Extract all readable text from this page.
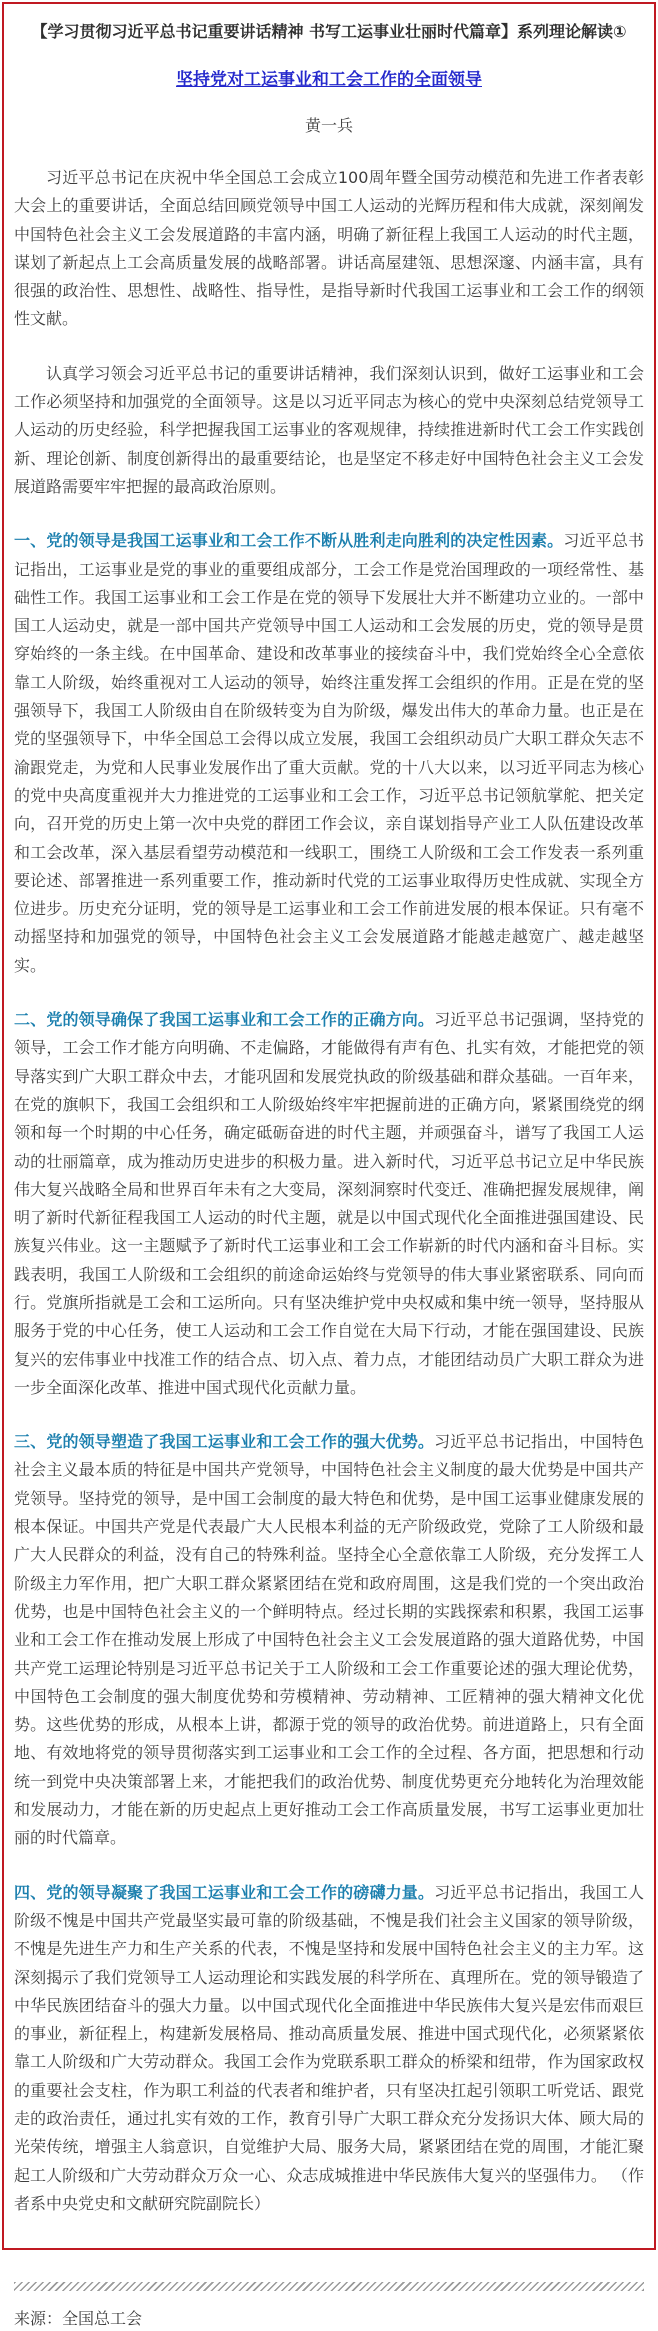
【学习贯彻习近平总书记重要讲话精神 书写工运事业壮丽时代篇章】系列理论解读①
坚持党对工运事业和工会工作的全面领导
黄一兵

习近平总书记在庆祝中华全国总工会成立100周年暨全国劳动模范和先进工作者表彰大会上的重要讲话，全面总结回顾党领导中国工人运动的光辉历程和伟大成就，深刻阐发中国特色社会主义工会发展道路的丰富内涵，明确了新征程上我国工人运动的时代主题，谋划了新起点上工会高质量发展的战略部署。讲话高屋建瓴、思想深邃、内涵丰富，具有很强的政治性、思想性、战略性、指导性，是指导新时代我国工运事业和工会工作的纲领性文献。

认真学习领会习近平总书记的重要讲话精神，我们深刻认识到，做好工运事业和工会工作必须坚持和加强党的全面领导。这是以习近平同志为核心的党中央深刻总结党领导工人运动的历史经验，科学把握我国工运事业的客观规律，持续推进新时代工会工作实践创新、理论创新、制度创新得出的最重要结论，也是坚定不移走好中国特色社会主义工会发展道路需要牢牢把握的最高政治原则。

一、党的领导是我国工运事业和工会工作不断从胜利走向胜利的决定性因素。习近平总书记指出，工运事业是党的事业的重要组成部分，工会工作是党治国理政的一项经常性、基础性工作。我国工运事业和工会工作是在党的领导下发展壮大并不断建功立业的。一部中国工人运动史，就是一部中国共产党领导中国工人运动和工会发展的历史，党的领导是贯穿始终的一条主线。在中国革命、建设和改革事业的接续奋斗中，我们党始终全心全意依靠工人阶级，始终重视对工人运动的领导，始终注重发挥工会组织的作用。正是在党的坚强领导下，我国工人阶级由自在阶级转变为自为阶级，爆发出伟大的革命力量。也正是在党的坚强领导下，中华全国总工会得以成立发展，我国工会组织动员广大职工群众矢志不渝跟党走，为党和人民事业发展作出了重大贡献。党的十八大以来，以习近平同志为核心的党中央高度重视并大力推进党的工运事业和工会工作，习近平总书记领航掌舵、把关定向，召开党的历史上第一次中央党的群团工作会议，亲自谋划指导产业工人队伍建设改革和工会改革，深入基层看望劳动模范和一线职工，围绕工人阶级和工会工作发表一系列重要论述、部署推进一系列重要工作，推动新时代党的工运事业取得历史性成就、实现全方位进步。历史充分证明，党的领导是工运事业和工会工作前进发展的根本保证。只有毫不动摇坚持和加强党的领导，中国特色社会主义工会发展道路才能越走越宽广、越走越坚实。

二、党的领导确保了我国工运事业和工会工作的正确方向。习近平总书记强调，坚持党的领导，工会工作才能方向明确、不走偏路，才能做得有声有色、扎实有效，才能把党的领导落实到广大职工群众中去，才能巩固和发展党执政的阶级基础和群众基础。一百年来，在党的旗帜下，我国工会组织和工人阶级始终牢牢把握前进的正确方向，紧紧围绕党的纲领和每一个时期的中心任务，确定砥砺奋进的时代主题，并顽强奋斗，谱写了我国工人运动的壮丽篇章，成为推动历史进步的积极力量。进入新时代，习近平总书记立足中华民族伟大复兴战略全局和世界百年未有之大变局，深刻洞察时代变迁、准确把握发展规律，阐明了新时代新征程我国工人运动的时代主题，就是以中国式现代化全面推进强国建设、民族复兴伟业。这一主题赋予了新时代工运事业和工会工作崭新的时代内涵和奋斗目标。实践表明，我国工人阶级和工会组织的前途命运始终与党领导的伟大事业紧密联系、同向而行。党旗所指就是工会和工运所向。只有坚决维护党中央权威和集中统一领导，坚持服从服务于党的中心任务，使工人运动和工会工作自觉在大局下行动，才能在强国建设、民族复兴的宏伟事业中找准工作的结合点、切入点、着力点，才能团结动员广大职工群众为进一步全面深化改革、推进中国式现代化贡献力量。

三、党的领导塑造了我国工运事业和工会工作的强大优势。习近平总书记指出，中国特色社会主义最本质的特征是中国共产党领导，中国特色社会主义制度的最大优势是中国共产党领导。坚持党的领导，是中国工会制度的最大特色和优势，是中国工运事业健康发展的根本保证。中国共产党是代表最广大人民根本利益的无产阶级政党，党除了工人阶级和最广大人民群众的利益，没有自己的特殊利益。坚持全心全意依靠工人阶级，充分发挥工人阶级主力军作用，把广大职工群众紧紧团结在党和政府周围，这是我们党的一个突出政治优势，也是中国特色社会主义的一个鲜明特点。经过长期的实践探索和积累，我国工运事业和工会工作在推动发展上形成了中国特色社会主义工会发展道路的强大道路优势，中国共产党工运理论特别是习近平总书记关于工人阶级和工会工作重要论述的强大理论优势，中国特色工会制度的强大制度优势和劳模精神、劳动精神、工匠精神的强大精神文化优势。这些优势的形成，从根本上讲，都源于党的领导的政治优势。前进道路上，只有全面地、有效地将党的领导贯彻落实到工运事业和工会工作的全过程、各方面，把思想和行动统一到党中央决策部署上来，才能把我们的政治优势、制度优势更充分地转化为治理效能和发展动力，才能在新的历史起点上更好推动工会工作高质量发展，书写工运事业更加壮丽的时代篇章。

四、党的领导凝聚了我国工运事业和工会工作的磅礴力量。习近平总书记指出，我国工人阶级不愧是中国共产党最坚实最可靠的阶级基础，不愧是我们社会主义国家的领导阶级，不愧是先进生产力和生产关系的代表，不愧是坚持和发展中国特色社会主义的主力军。这深刻揭示了我们党领导工人运动理论和实践发展的科学所在、真理所在。党的领导锻造了中华民族团结奋斗的强大力量。以中国式现代化全面推进中华民族伟大复兴是宏伟而艰巨的事业，新征程上，构建新发展格局、推动高质量发展、推进中国式现代化，必须紧紧依靠工人阶级和广大劳动群众。我国工会作为党联系职工群众的桥梁和纽带，作为国家政权的重要社会支柱，作为职工利益的代表者和维护者，只有坚决扛起引领职工听党话、跟党走的政治责任，通过扎实有效的工作，教育引导广大职工群众充分发扬识大体、顾大局的光荣传统，增强主人翁意识，自觉维护大局、服务大局，紧紧团结在党的周围，才能汇聚起工人阶级和广大劳动群众万众一心、众志成城推进中华民族伟大复兴的坚强伟力。 （作者系中央党史和文献研究院副院长）

来源：全国总工会
